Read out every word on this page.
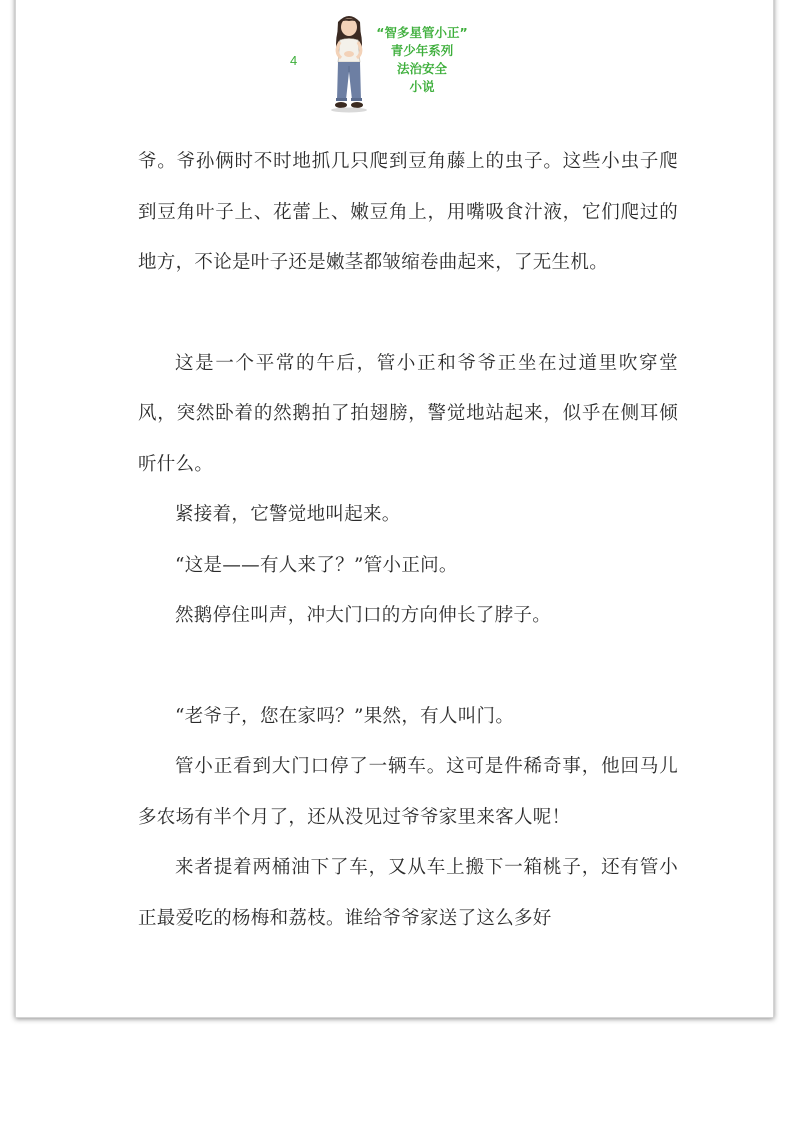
4
“智多星管小正”
青少年系列
法治安全
小说

爷。爷孙俩时不时地抓几只爬到豆角藤上的虫子。这些小虫子爬到豆角叶子上、花蕾上、嫩豆角上，用嘴吸食汁液，它们爬过的地方，不论是叶子还是嫩茎都皱缩卷曲起来，了无生机。

这是一个平常的午后，管小正和爷爷正坐在过道里吹穿堂风，突然卧着的然鹅拍了拍翅膀，警觉地站起来，似乎在侧耳倾听什么。

紧接着，它警觉地叫起来。

“这是——有人来了？”管小正问。

然鹅停住叫声，冲大门口的方向伸长了脖子。

“老爷子，您在家吗？”果然，有人叫门。

管小正看到大门口停了一辆车。这可是件稀奇事，他回马儿多农场有半个月了，还从没见过爷爷家里来客人呢！

来者提着两桶油下了车，又从车上搬下一箱桃子，还有管小正最爱吃的杨梅和荔枝。谁给爷爷家送了这么多好
